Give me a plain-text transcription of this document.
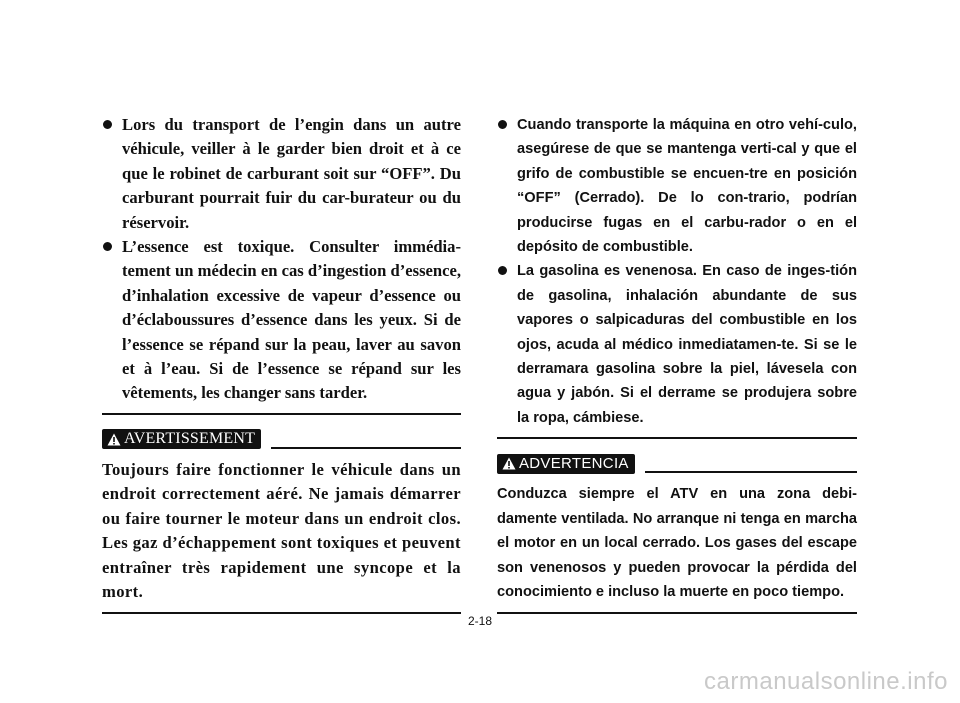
Lors du transport de l’engin dans un autre véhicule, veiller à le garder bien droit et à ce que le robinet de carburant soit sur “OFF”. Du carburant pourrait fuir du car-burateur ou du réservoir.
L’essence est toxique. Consulter immédia-tement un médecin en cas d’ingestion d’essence, d’inhalation excessive de vapeur d’essence ou d’éclaboussures d’essence dans les yeux. Si de l’essence se répand sur la peau, laver au savon et à l’eau. Si de l’essence se répand sur les vêtements, les changer sans tarder.
AVERTISSEMENT
Toujours faire fonctionner le véhicule dans un endroit correctement aéré. Ne jamais démarrer ou faire tourner le moteur dans un endroit clos. Les gaz d’échappement sont toxiques et peuvent entraîner très rapidement une syncope et la mort.
Cuando transporte la máquina en otro vehí-culo, asegúrese de que se mantenga verti-cal y que el grifo de combustible se encuen-tre en posición “OFF” (Cerrado). De lo con-trario, podrían producirse fugas en el carbu-rador o en el depósito de combustible.
La gasolina es venenosa. En caso de inges-tión de gasolina, inhalación abundante de sus vapores o salpicaduras del combustible en los ojos, acuda al médico inmediatamen-te. Si se le derramara gasolina sobre la piel, lávesela con agua y jabón. Si el derrame se produjera sobre la ropa, cámbiese.
ADVERTENCIA
Conduzca siempre el ATV en una zona debi-damente ventilada. No arranque ni tenga en marcha el motor en un local cerrado. Los gases del escape son venenosos y pueden provocar la pérdida del conocimiento e incluso la muerte en poco tiempo.
2-18
carmanualsonline.info
